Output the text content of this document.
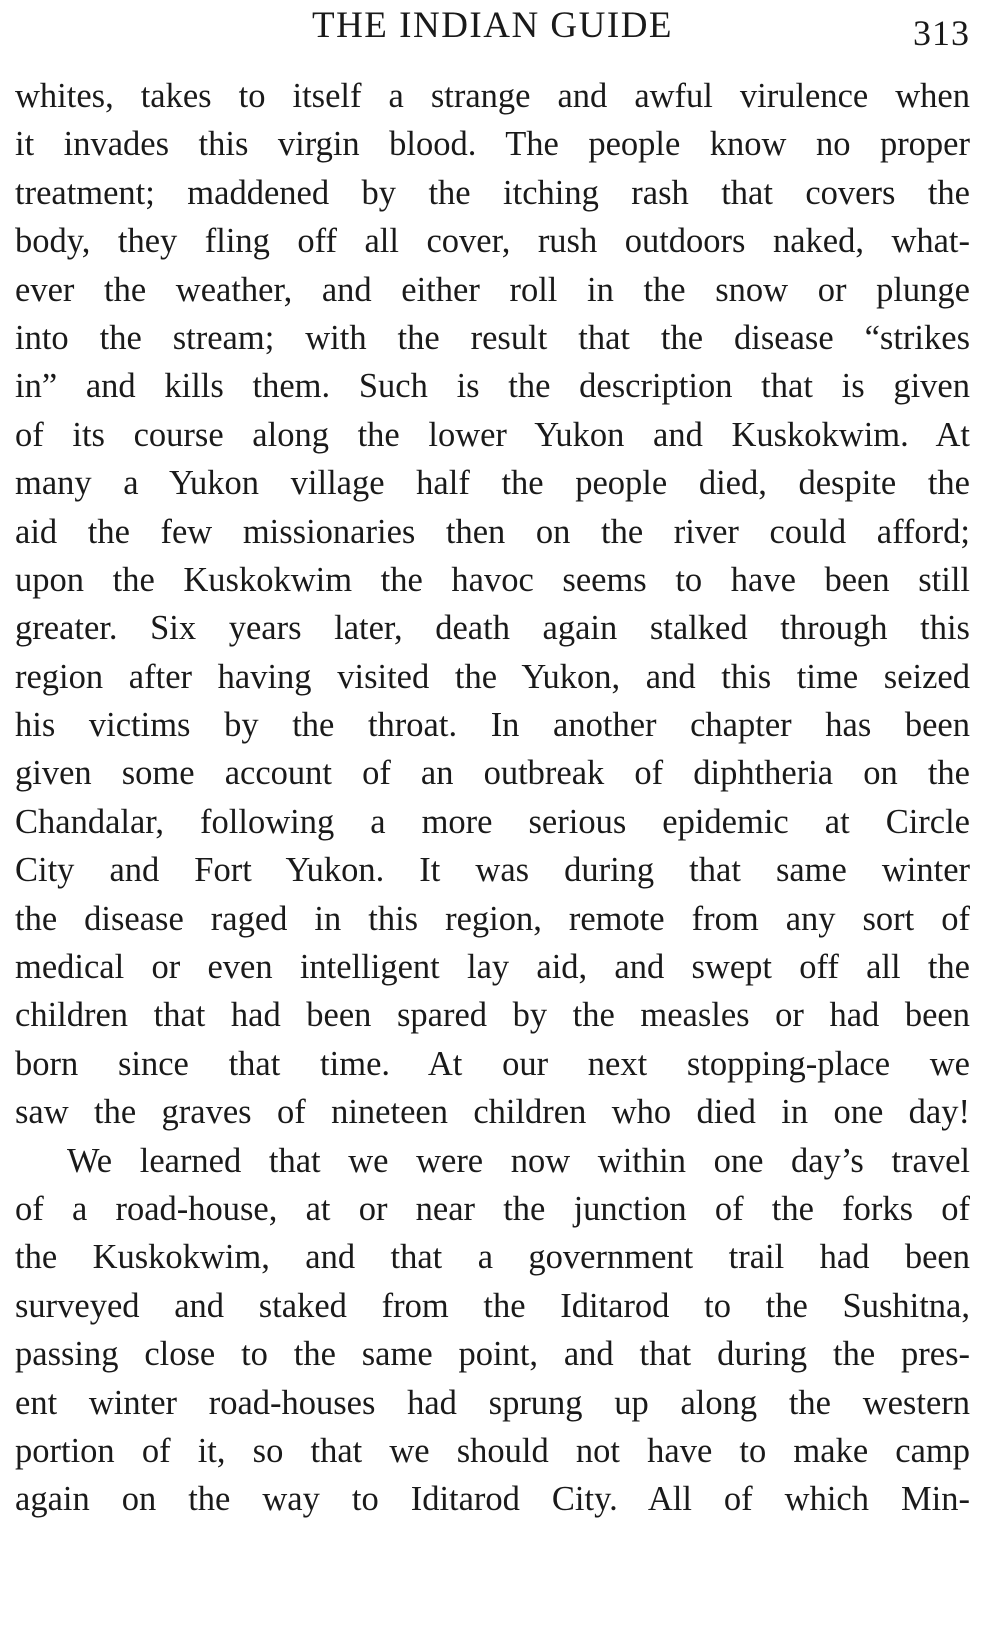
THE INDIAN GUIDE	313
whites, takes to itself a strange and awful virulence when
it invades this virgin blood. The people know no proper
treatment; maddened by the itching rash that covers the
body, they fling off all cover, rush outdoors naked, what-
ever the weather, and either roll in the snow or plunge
into the stream; with the result that the disease “strikes
in” and kills them. Such is the description that is given
of its course along the lower Yukon and Kuskokwim. At
many a Yukon village half the people died, despite the
aid the few missionaries then on the river could afford;
upon the Kuskokwim the havoc seems to have been still
greater. Six years later, death again stalked through this
region after having visited the Yukon, and this time seized
his victims by the throat. In another chapter has been
given some account of an outbreak of diphtheria on the
Chandalar, following a more serious epidemic at Circle
City and Fort Yukon. It was during that same winter
the disease raged in this region, remote from any sort of
medical or even intelligent lay aid, and swept off all the
children that had been spared by the measles or had been
born since that time. At our next stopping-place we
saw the graves of nineteen children who died in one day!
We learned that we were now within one day’s travel
of a road-house, at or near the junction of the forks of
the Kuskokwim, and that a government trail had been
surveyed and staked from the Iditarod to the Sushitna,
passing close to the same point, and that during the pres-
ent winter road-houses had sprung up along the western
portion of it, so that we should not have to make camp
again on the way to Iditarod City. All of which Min-
